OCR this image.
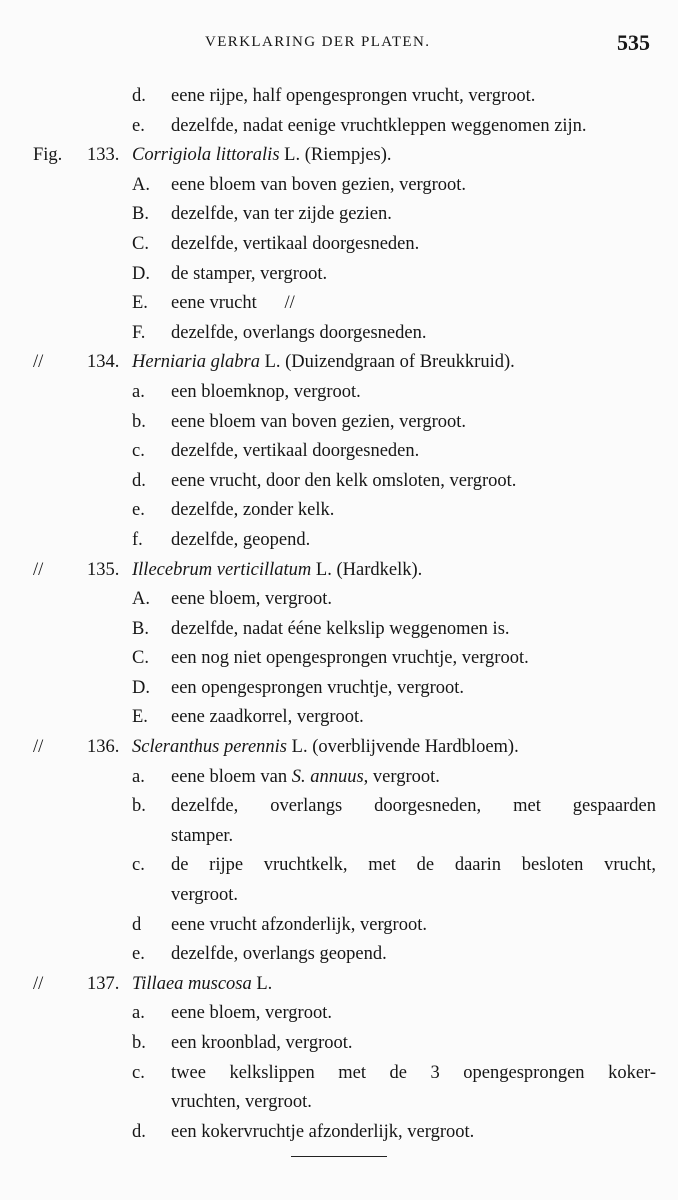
VERKLARING DER PLATEN.	535
d. eene rijpe, half opengesprongen vrucht, vergroot.
e. dezelfde, nadat eenige vruchtkleppen weggenomen zijn.
Fig. 133. Corrigiola littoralis L. (Riempjes).
A. eene bloem van boven gezien, vergroot.
B. dezelfde, van ter zijde gezien.
C. dezelfde, vertikaal doorgesneden.
D. de stamper, vergroot.
E. eene vrucht      //
F. dezelfde, overlangs doorgesneden.
// 134. Herniaria glabra L. (Duizendgraan of Breukkruid).
a. een bloemknop, vergroot.
b. eene bloem van boven gezien, vergroot.
c. dezelfde, vertikaal doorgesneden.
d. eene vrucht, door den kelk omsloten, vergroot.
e. dezelfde, zonder kelk.
f. dezelfde, geopend.
// 135. Illecebrum verticillatum L. (Hardkelk).
A. eene bloem, vergroot.
B. dezelfde, nadat ééne kelkslip weggenomen is.
C. een nog niet opengesprongen vruchtje, vergroot.
D. een opengesprongen vruchtje, vergroot.
E. eene zaadkorrel, vergroot.
// 136. Scleranthus perennis L. (overblijvende Hardbloem).
a. eene bloem van S. annuus, vergroot.
b. dezelfde, overlangs doorgesneden, met gespaarden
stamper.
c. de rijpe vruchtkelk, met de daarin besloten vrucht,
vergroot.
d eene vrucht afzonderlijk, vergroot.
e. dezelfde, overlangs geopend.
// 137. Tillaea muscosa L.
a. eene bloem, vergroot.
b. een kroonblad, vergroot.
c. twee kelkslippen met de 3 opengesprongen koker-
vruchten, vergroot.
d. een kokervruchtje afzonderlijk, vergroot.
